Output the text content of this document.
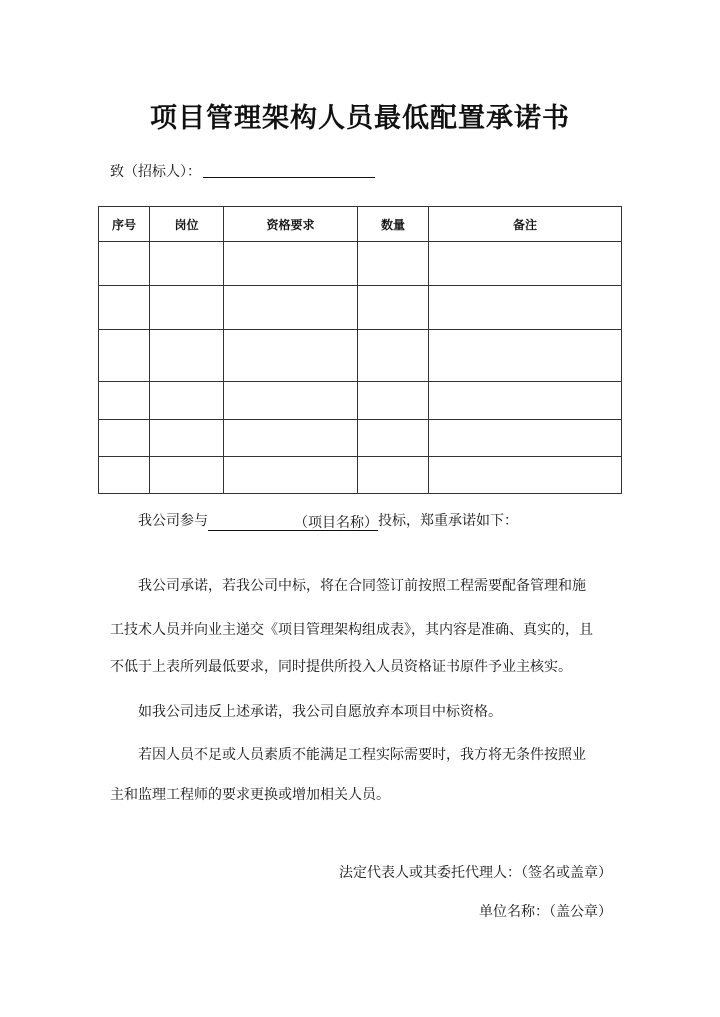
项目管理架构人员最低配置承诺书
致（招标人）：
序号	岗位	资格要求	数量	备注

我公司参与	（项目名称）投标，郑重承诺如下：
我公司承诺，若我公司中标，将在合同签订前按照工程需要配备管理和施
工技术人员并向业主递交《项目管理架构组成表》，其内容是准确、真实的，且
不低于上表所列最低要求，同时提供所投入人员资格证书原件予业主核实。
如我公司违反上述承诺，我公司自愿放弃本项目中标资格。
若因人员不足或人员素质不能满足工程实际需要时，我方将无条件按照业
主和监理工程师的要求更换或增加相关人员。
法定代表人或其委托代理人：（签名或盖章）
单位名称：（盖公章）
